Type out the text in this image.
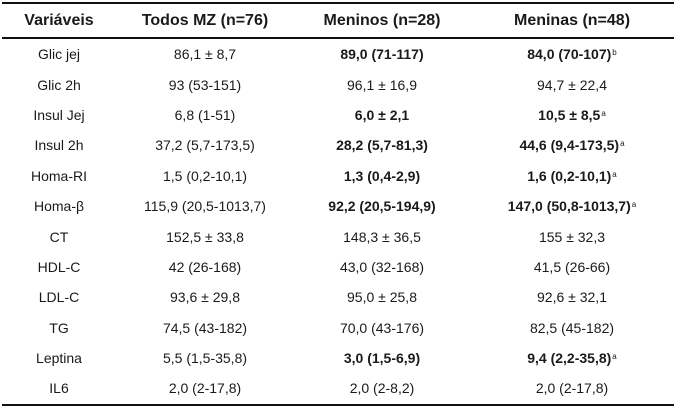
Variáveis	Todos MZ (n=76)	Meninos (n=28)	Meninas (n=48)
Glic jej	86,1 ± 8,7	89,0 (71-117)	84,0 $(70-107)^b$
Glic 2h	93 (53-151)	96,1 ± 16,9	94,7 ± 22,4
Insul Jej	6,8 (1-51)	6,0 ± 2,1	10,5 ± 8,5$^a$
Insul 2h	37,2 (5,7-173,5)	28,2 (5,7-81,3)	44,6 $(9,4-173,5)^a$
Homa-RI	1,5 (0,2-10,1)	1,3 (0,4-2,9)	1,6 $(0,2-10,1)^a$
Homa-β	115,9 (20,5-1013,7)	92,2 (20,5-194,9)	147,0 $(50,8-1013,7)^a$
CT	152,5 ± 33,8	148,3 ± 36,5	155 ± 32,3
HDL-C	42 (26-168)	43,0 (32-168)	41,5 (26-66)
LDL-C	93,6 ± 29,8	95,0 ± 25,8	92,6 ± 32,1
TG	74,5 (43-182)	70,0 (43-176)	82,5 (45-182)
Leptina	5,5 (1,5-35,8)	3,0 (1,5-6,9)	9,4 $(2,2-35,8)^a$
IL6	2,0 (2-17,8)	2,0 (2-8,2)	2,0 (2-17,8)
